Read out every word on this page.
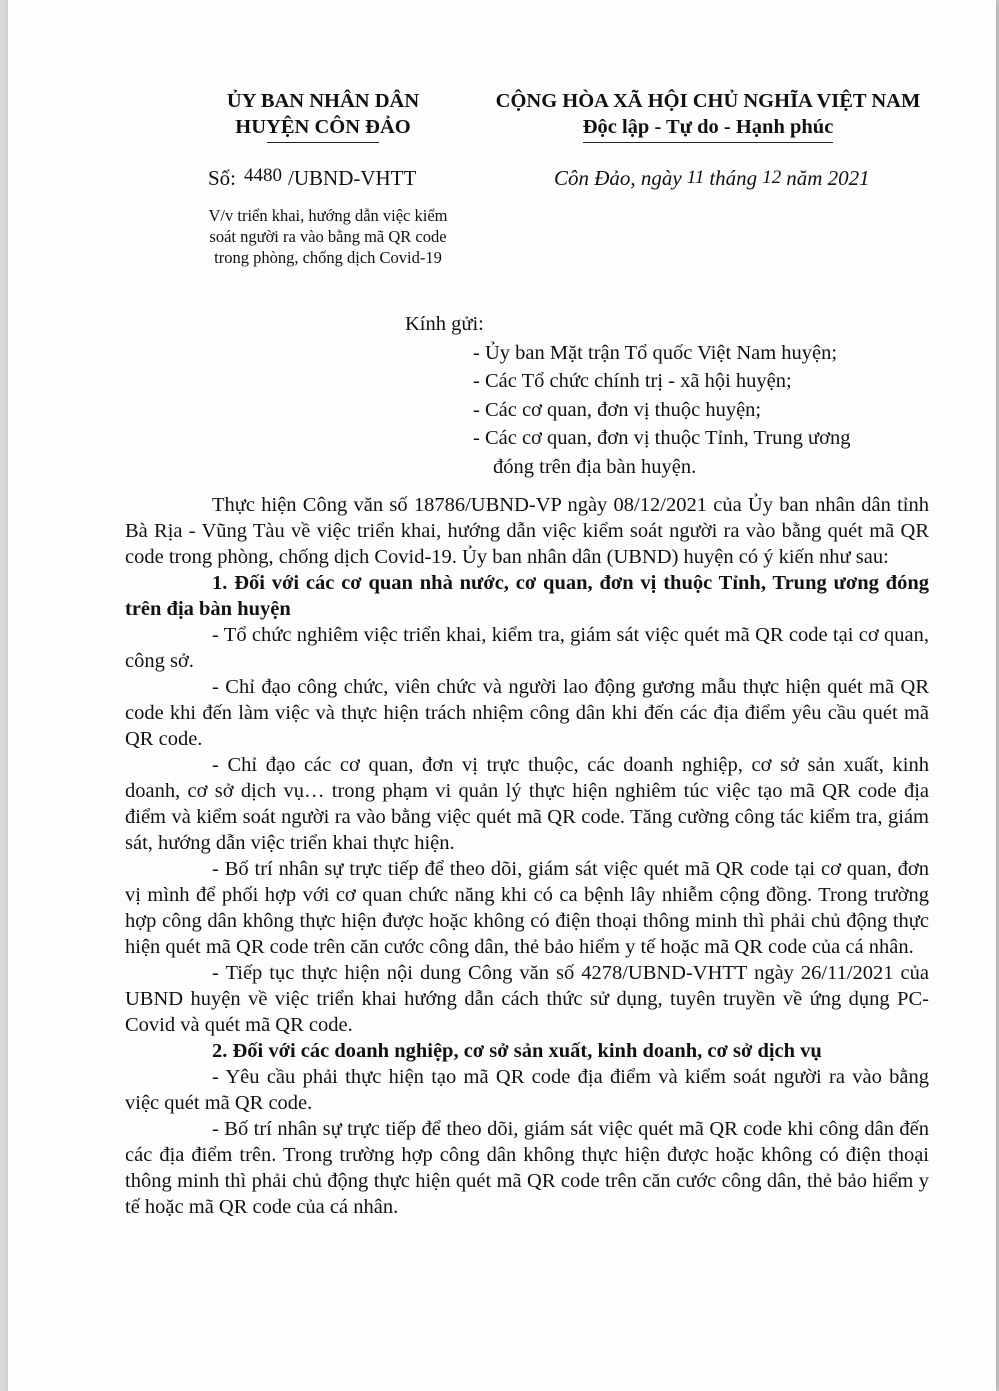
ỦY BAN NHÂN DÂN
HUYỆN CÔN ĐẢO
CỘNG HÒA XÃ HỘI CHỦ NGHĨA VIỆT NAM
Độc lập - Tự do - Hạnh phúc
Số: 4480 /UBND-VHTT	Côn Đảo, ngày 11 tháng 12 năm 2021
V/v triển khai, hướng dẫn việc kiểm
soát người ra vào bằng mã QR code
trong phòng, chống dịch Covid-19
Kính gửi:
- Ủy ban Mặt trận Tổ quốc Việt Nam huyện;
- Các Tổ chức chính trị - xã hội huyện;
- Các cơ quan, đơn vị thuộc huyện;
- Các cơ quan, đơn vị thuộc Tỉnh, Trung ương
đóng trên địa bàn huyện.

Thực hiện Công văn số 18786/UBND-VP ngày 08/12/2021 của Ủy ban nhân dân tỉnh Bà Rịa - Vũng Tàu về việc triển khai, hướng dẫn việc kiểm soát người ra vào bằng quét mã QR code trong phòng, chống dịch Covid-19. Ủy ban nhân dân (UBND) huyện có ý kiến như sau:

1. Đối với các cơ quan nhà nước, cơ quan, đơn vị thuộc Tỉnh, Trung ương đóng trên địa bàn huyện

- Tổ chức nghiêm việc triển khai, kiểm tra, giám sát việc quét mã QR code tại cơ quan, công sở.

- Chỉ đạo công chức, viên chức và người lao động gương mẫu thực hiện quét mã QR code khi đến làm việc và thực hiện trách nhiệm công dân khi đến các địa điểm yêu cầu quét mã QR code.

- Chỉ đạo các cơ quan, đơn vị trực thuộc, các doanh nghiệp, cơ sở sản xuất, kinh doanh, cơ sở dịch vụ… trong phạm vi quản lý thực hiện nghiêm túc việc tạo mã QR code địa điểm và kiểm soát người ra vào bằng việc quét mã QR code. Tăng cường công tác kiểm tra, giám sát, hướng dẫn việc triển khai thực hiện.

- Bố trí nhân sự trực tiếp để theo dõi, giám sát việc quét mã QR code tại cơ quan, đơn vị mình để phối hợp với cơ quan chức năng khi có ca bệnh lây nhiễm cộng đồng. Trong trường hợp công dân không thực hiện được hoặc không có điện thoại thông minh thì phải chủ động thực hiện quét mã QR code trên căn cước công dân, thẻ bảo hiểm y tế hoặc mã QR code của cá nhân.

- Tiếp tục thực hiện nội dung Công văn số 4278/UBND-VHTT ngày 26/11/2021 của UBND huyện về việc triển khai hướng dẫn cách thức sử dụng, tuyên truyền về ứng dụng PC-Covid và quét mã QR code.

2. Đối với các doanh nghiệp, cơ sở sản xuất, kinh doanh, cơ sở dịch vụ

- Yêu cầu phải thực hiện tạo mã QR code địa điểm và kiểm soát người ra vào bằng việc quét mã QR code.

- Bố trí nhân sự trực tiếp để theo dõi, giám sát việc quét mã QR code khi công dân đến các địa điểm trên. Trong trường hợp công dân không thực hiện được hoặc không có điện thoại thông minh thì phải chủ động thực hiện quét mã QR code trên căn cước công dân, thẻ bảo hiểm y tế hoặc mã QR code của cá nhân.
